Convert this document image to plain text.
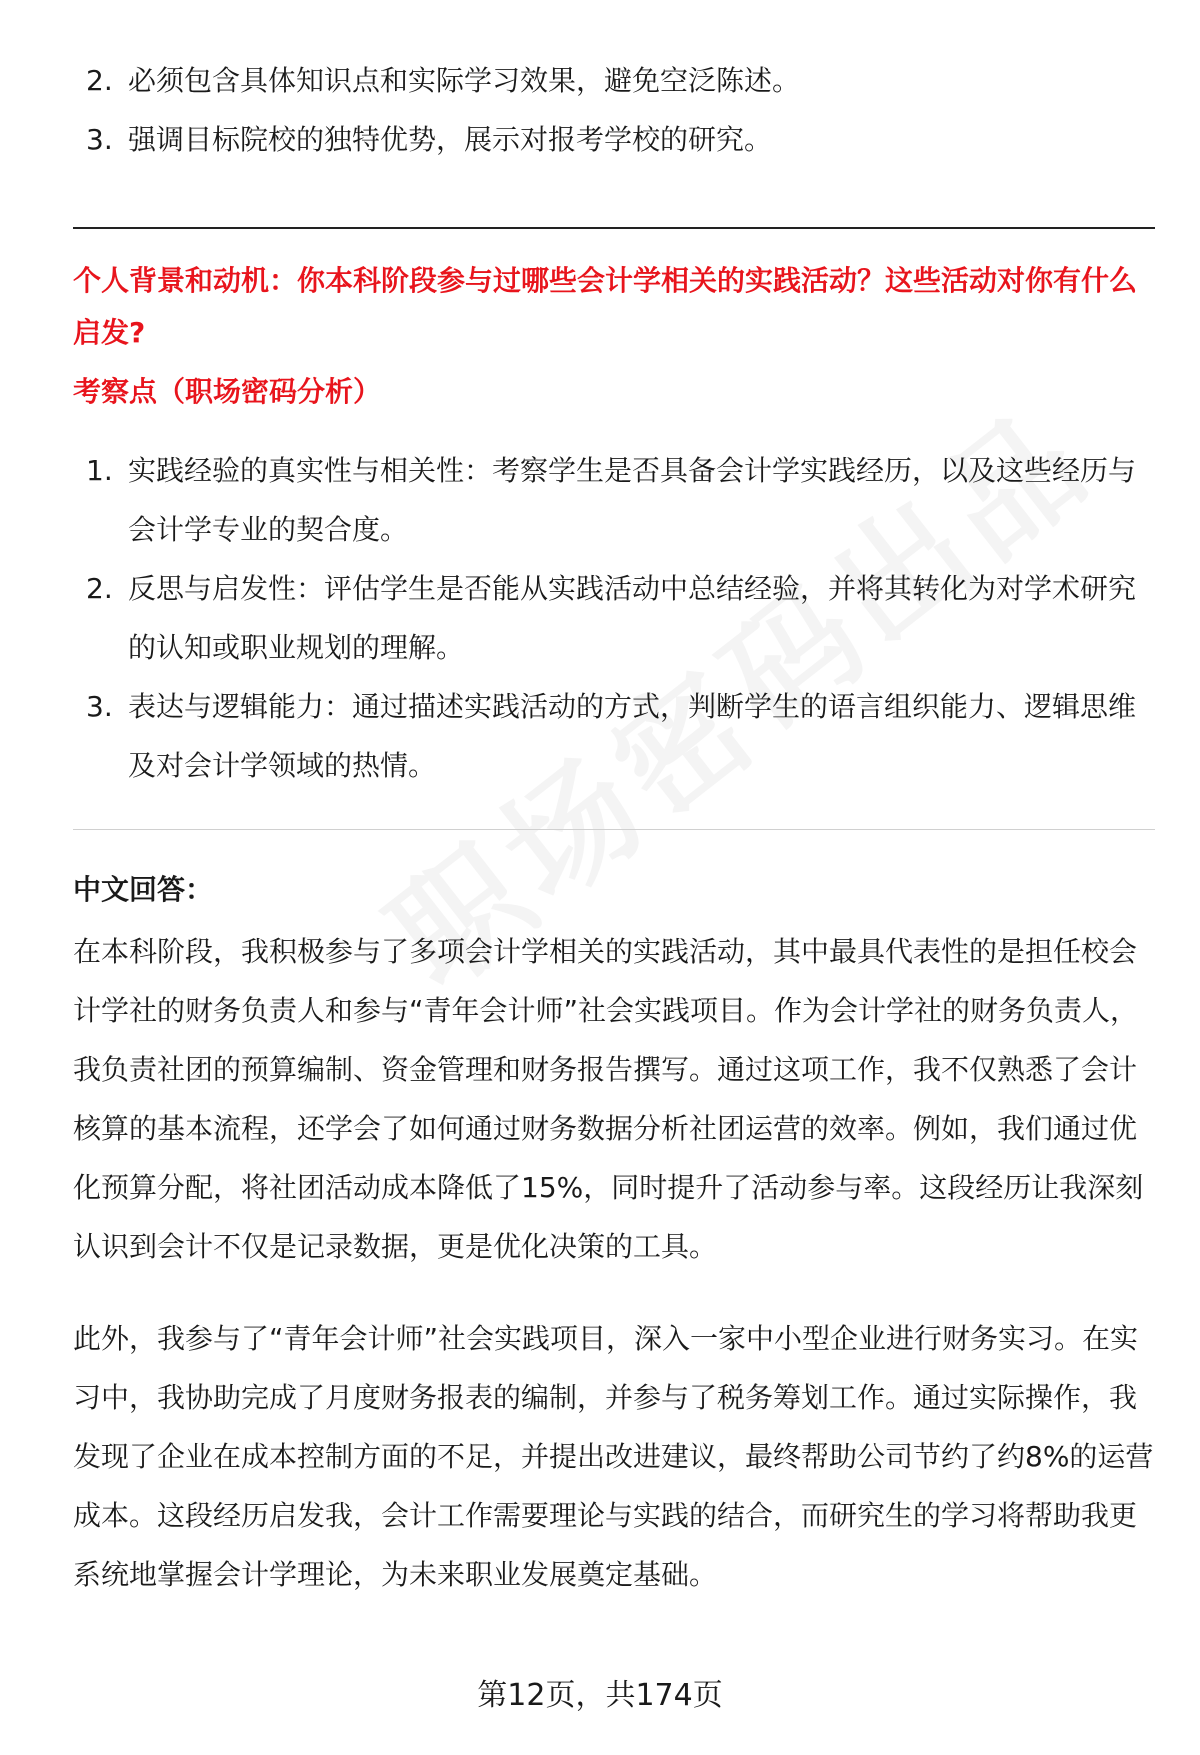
2. 必须包含具体知识点和实际学习效果，避免空泛陈述。
3. 强调目标院校的独特优势，展示对报考学校的研究。
个人背景和动机：你本科阶段参与过哪些会计学相关的实践活动？这些活动对你有什么启发?
考察点（职场密码分析）
1. 实践经验的真实性与相关性：考察学生是否具备会计学实践经历，以及这些经历与会计学专业的契合度。
2. 反思与启发性：评估学生是否能从实践活动中总结经验，并将其转化为对学术研究的认知或职业规划的理解。
3. 表达与逻辑能力：通过描述实践活动的方式，判断学生的语言组织能力、逻辑思维及对会计学领域的热情。
中文回答：
在本科阶段，我积极参与了多项会计学相关的实践活动，其中最具代表性的是担任校会计学社的财务负责人和参与“青年会计师”社会实践项目。作为会计学社的财务负责人，我负责社团的预算编制、资金管理和财务报告撰写。通过这项工作，我不仅熟悉了会计核算的基本流程，还学会了如何通过财务数据分析社团运营的效率。例如，我们通过优化预算分配，将社团活动成本降低了15%，同时提升了活动参与率。这段经历让我深刻认识到会计不仅是记录数据，更是优化决策的工具。
此外，我参与了“青年会计师”社会实践项目，深入一家中小型企业进行财务实习。在实习中，我协助完成了月度财务报表的编制，并参与了税务筹划工作。通过实际操作，我发现了企业在成本控制方面的不足，并提出改进建议，最终帮助公司节约了约8%的运营成本。这段经历启发我，会计工作需要理论与实践的结合，而研究生的学习将帮助我更系统地掌握会计学理论，为未来职业发展奠定基础。
第12页，共174页
